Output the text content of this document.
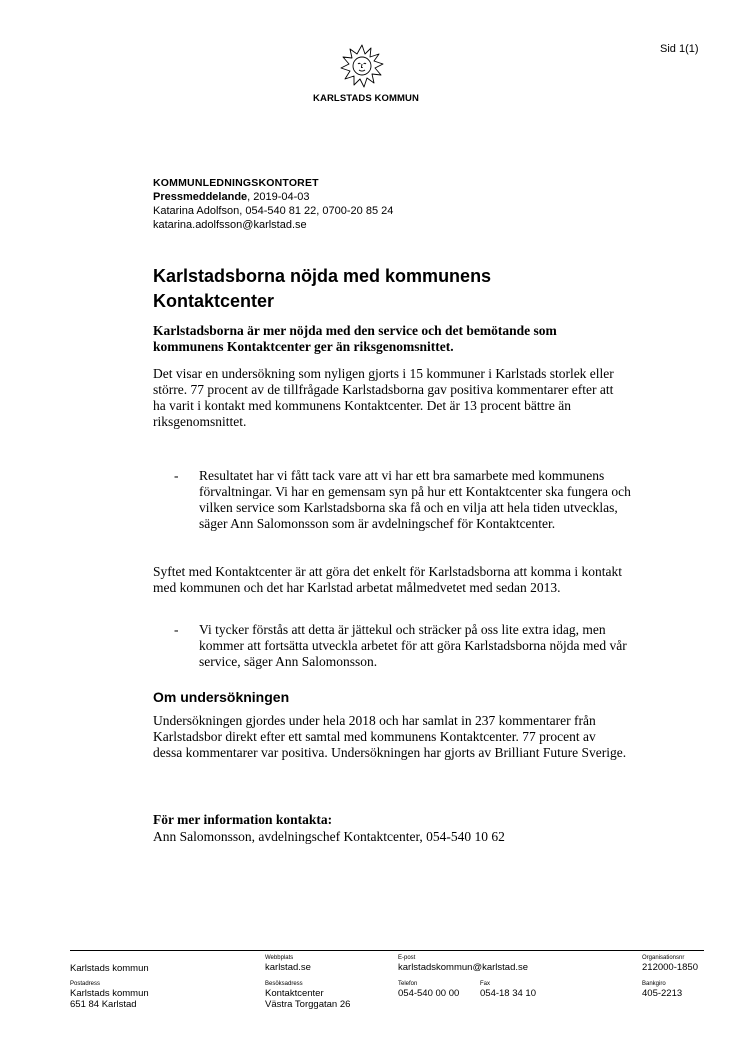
Sid 1(1)
KARLSTADS KOMMUN
KOMMUNLEDNINGSKONTORET
Pressmeddelande, 2019-04-03
Katarina Adolfson, 054-540 81 22, 0700-20 85 24
katarina.adolfsson@karlstad.se
Karlstadsborna nöjda med kommunens Kontaktcenter
Karlstadsborna är mer nöjda med den service och det bemötande som kommunens Kontaktcenter ger än riksgenomsnittet.
Det visar en undersökning som nyligen gjorts i 15 kommuner i Karlstads storlek eller större. 77 procent av de tillfrågade Karlstadsborna gav positiva kommentarer efter att ha varit i kontakt med kommunens Kontaktcenter. Det är 13 procent bättre än riksgenomsnittet.
-	Resultatet har vi fått tack vare att vi har ett bra samarbete med kommunens förvaltningar. Vi har en gemensam syn på hur ett Kontaktcenter ska fungera och vilken service som Karlstadsborna ska få och en vilja att hela tiden utvecklas, säger Ann Salomonsson som är avdelningschef för Kontaktcenter.
Syftet med Kontaktcenter är att göra det enkelt för Karlstadsborna att komma i kontakt med kommunen och det har Karlstad arbetat målmedvetet med sedan 2013.
-	Vi tycker förstås att detta är jättekul och sträcker på oss lite extra idag, men kommer att fortsätta utveckla arbetet för att göra Karlstadsborna nöjda med vår service, säger Ann Salomonsson.
Om undersökningen
Undersökningen gjordes under hela 2018 och har samlat in 237 kommentarer från Karlstadsbor direkt efter ett samtal med kommunens Kontaktcenter. 77 procent av dessa kommentarer var positiva. Undersökningen har gjorts av Brilliant Future Sverige.
För mer information kontakta:
Ann Salomonsson, avdelningschef Kontaktcenter, 054-540 10 62
Karlstads kommun
Webbplats
karlstad.se
E-post
karlstadskommun@karlstad.se
Organisationsnr
212000-1850
Postadress
Karlstads kommun
651 84 Karlstad
Besöksadress
Kontaktcenter
Västra Torggatan 26
Telefon
054-540 00 00
Fax
054-18 34 10
Bankgiro
405-2213
